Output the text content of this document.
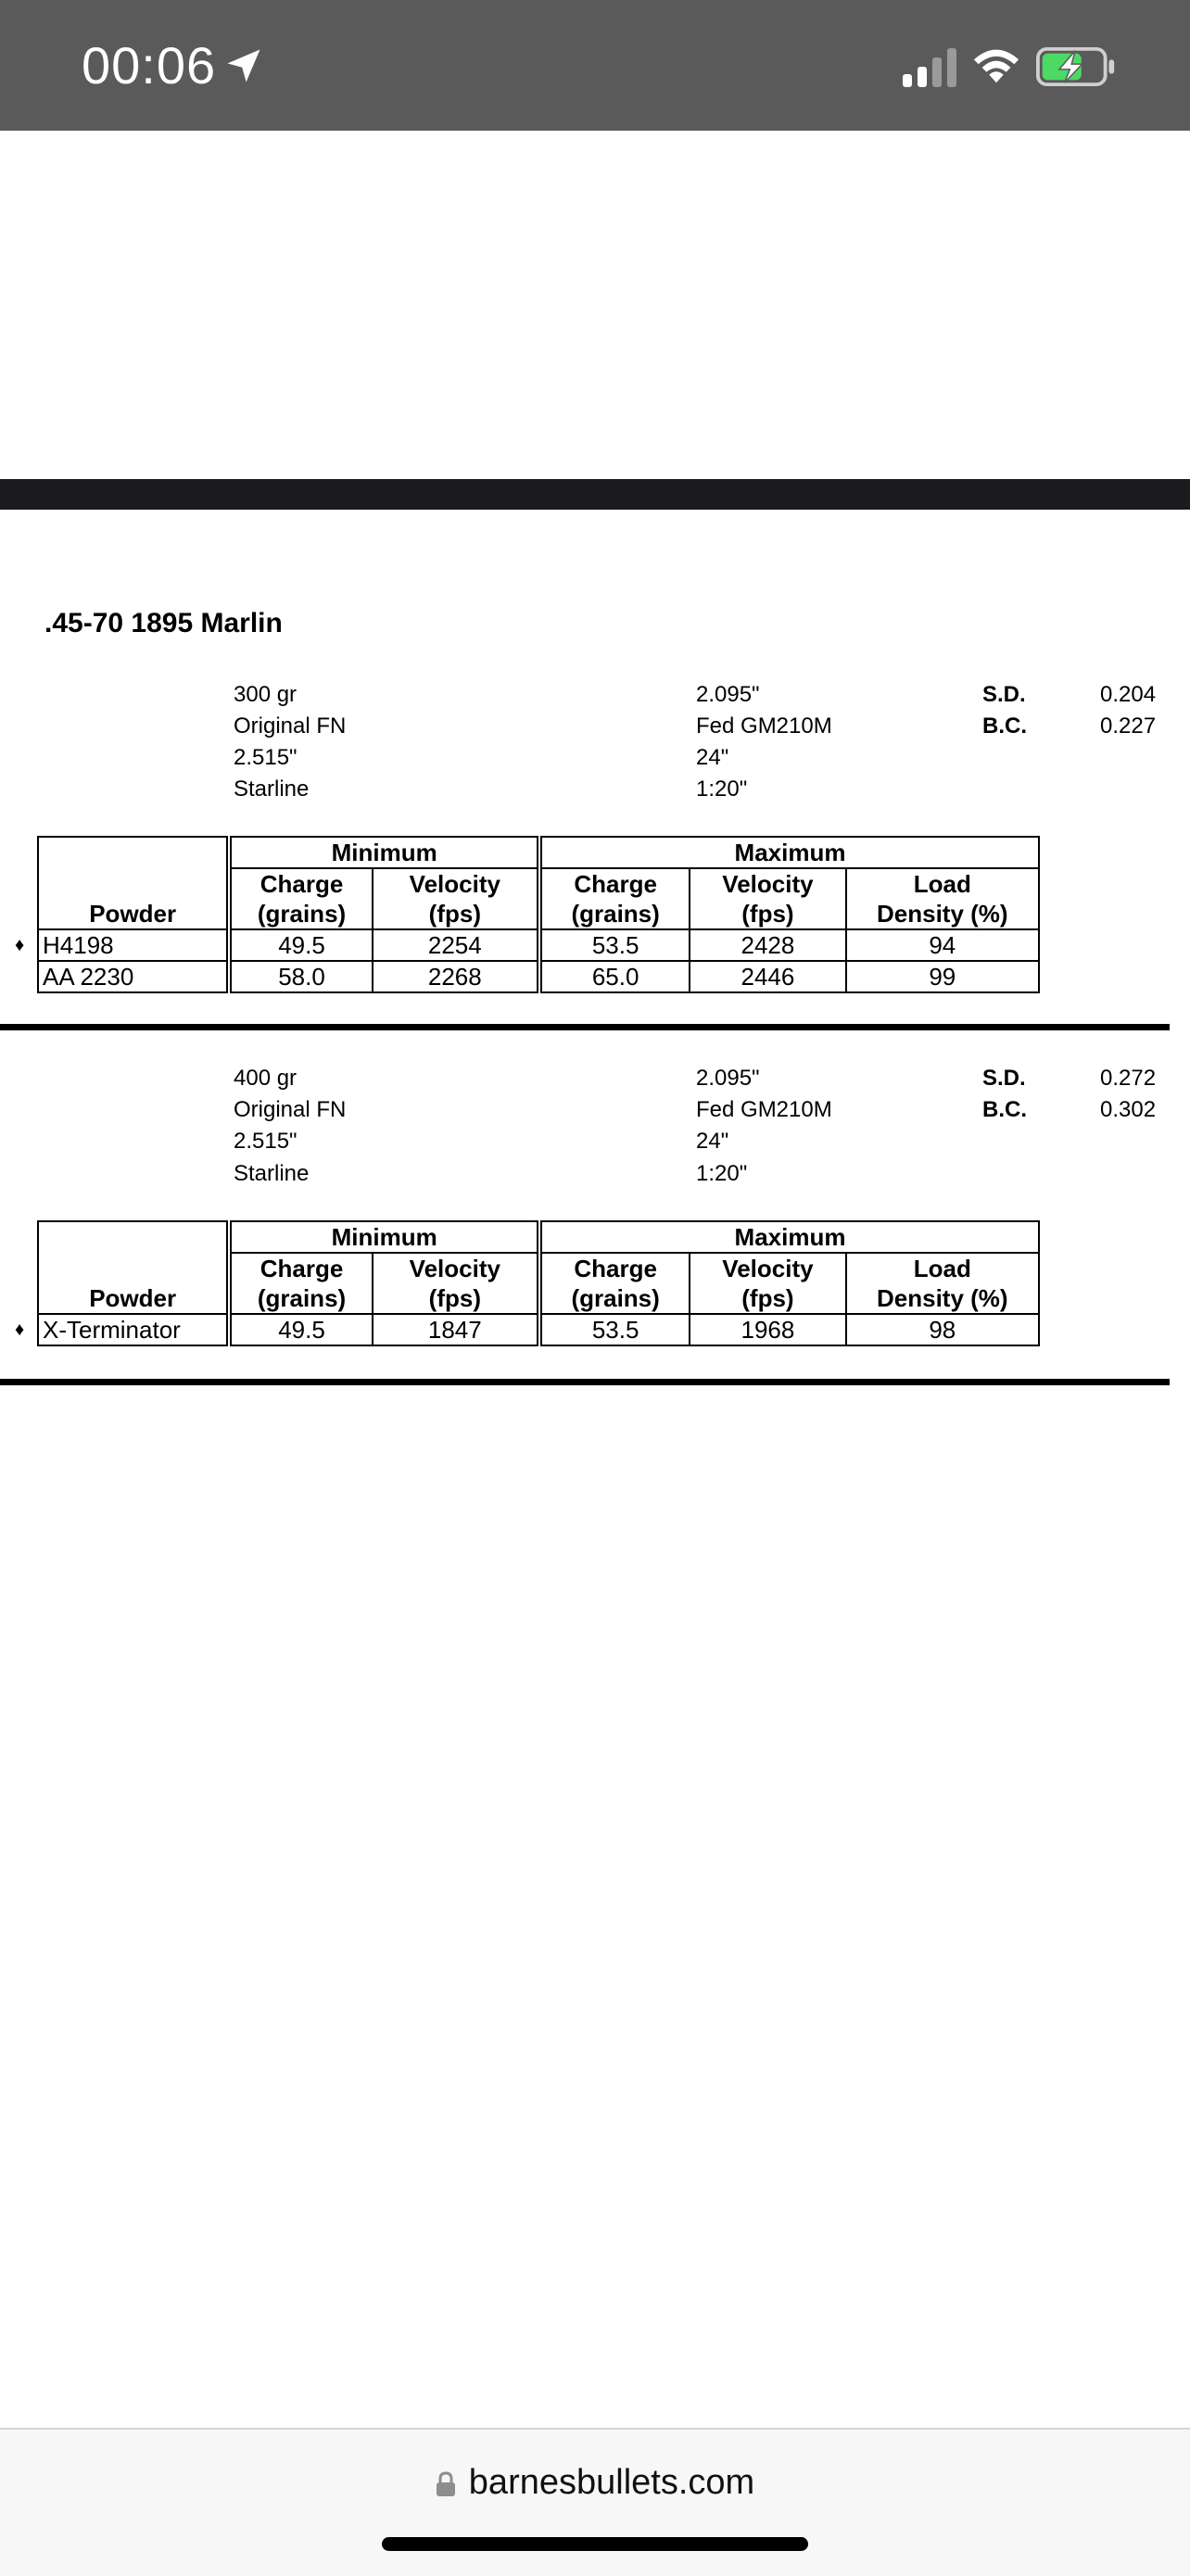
00:06
.45-70 1895 Marlin
300 gr	2.095"	S.D.	0.204
Original FN	Fed GM210M	B.C.	0.227
2.515"	24"
Starline	1:20"
Powder	Minimum		Maximum		
	Charge	Velocity	Charge	Velocity	Load
	(grains)	(fps)	(grains)	(fps)	Density (%)
H4198	49.5	2254	53.5	2428	94
AA 2230	58.0	2268	65.0	2446	99
♦
400 gr	2.095"	S.D.	0.272
Original FN	Fed GM210M	B.C.	0.302
2.515"	24"
Starline	1:20"
Powder	Minimum		Maximum		
	Charge	Velocity	Charge	Velocity	Load
	(grains)	(fps)	(grains)	(fps)	Density (%)
X-Terminator	49.5	1847	53.5	1968	98
♦
barnesbullets.com
